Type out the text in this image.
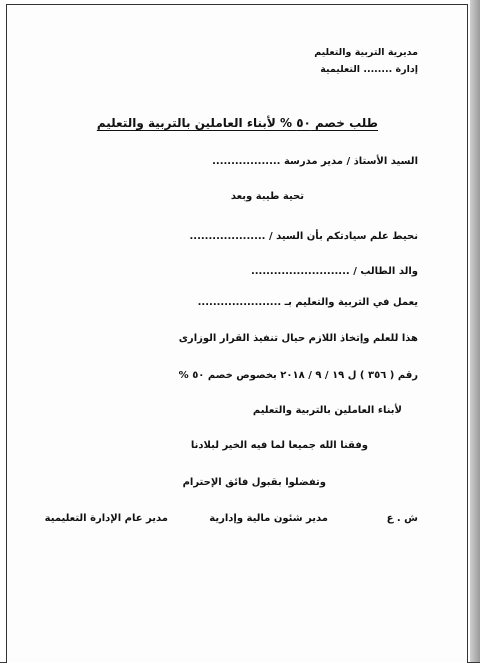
مديرية التربية والتعليم
إدارة ........ التعليمية
طلب خصم ٥٠ % لأبناء العاملين بالتربية والتعليم
السيد الأستاذ / مدير مدرسة ..................
تحية طيبة وبعد
نحيط علم سيادتكم بأن السيد / ....................
والد الطالب / ..........................
يعمل في التربية والتعليم بـ ......................
هذا للعلم وإتخاذ اللازم حيال تنفيذ القرار الوزارى
رقم ( ٣٥٦ ) ل ١٩ / ٩ / ٢٠١٨ بخصوص خصم ٥٠ %
لأبناء العاملين بالتربية والتعليم
وفقنا الله جميعا لما فيه الخير لبلادنا
وتفضلوا بقبول فائق الإحترام
ش . ع
مدير شئون مالية وإدارية
مدير عام الإدارة التعليمية
